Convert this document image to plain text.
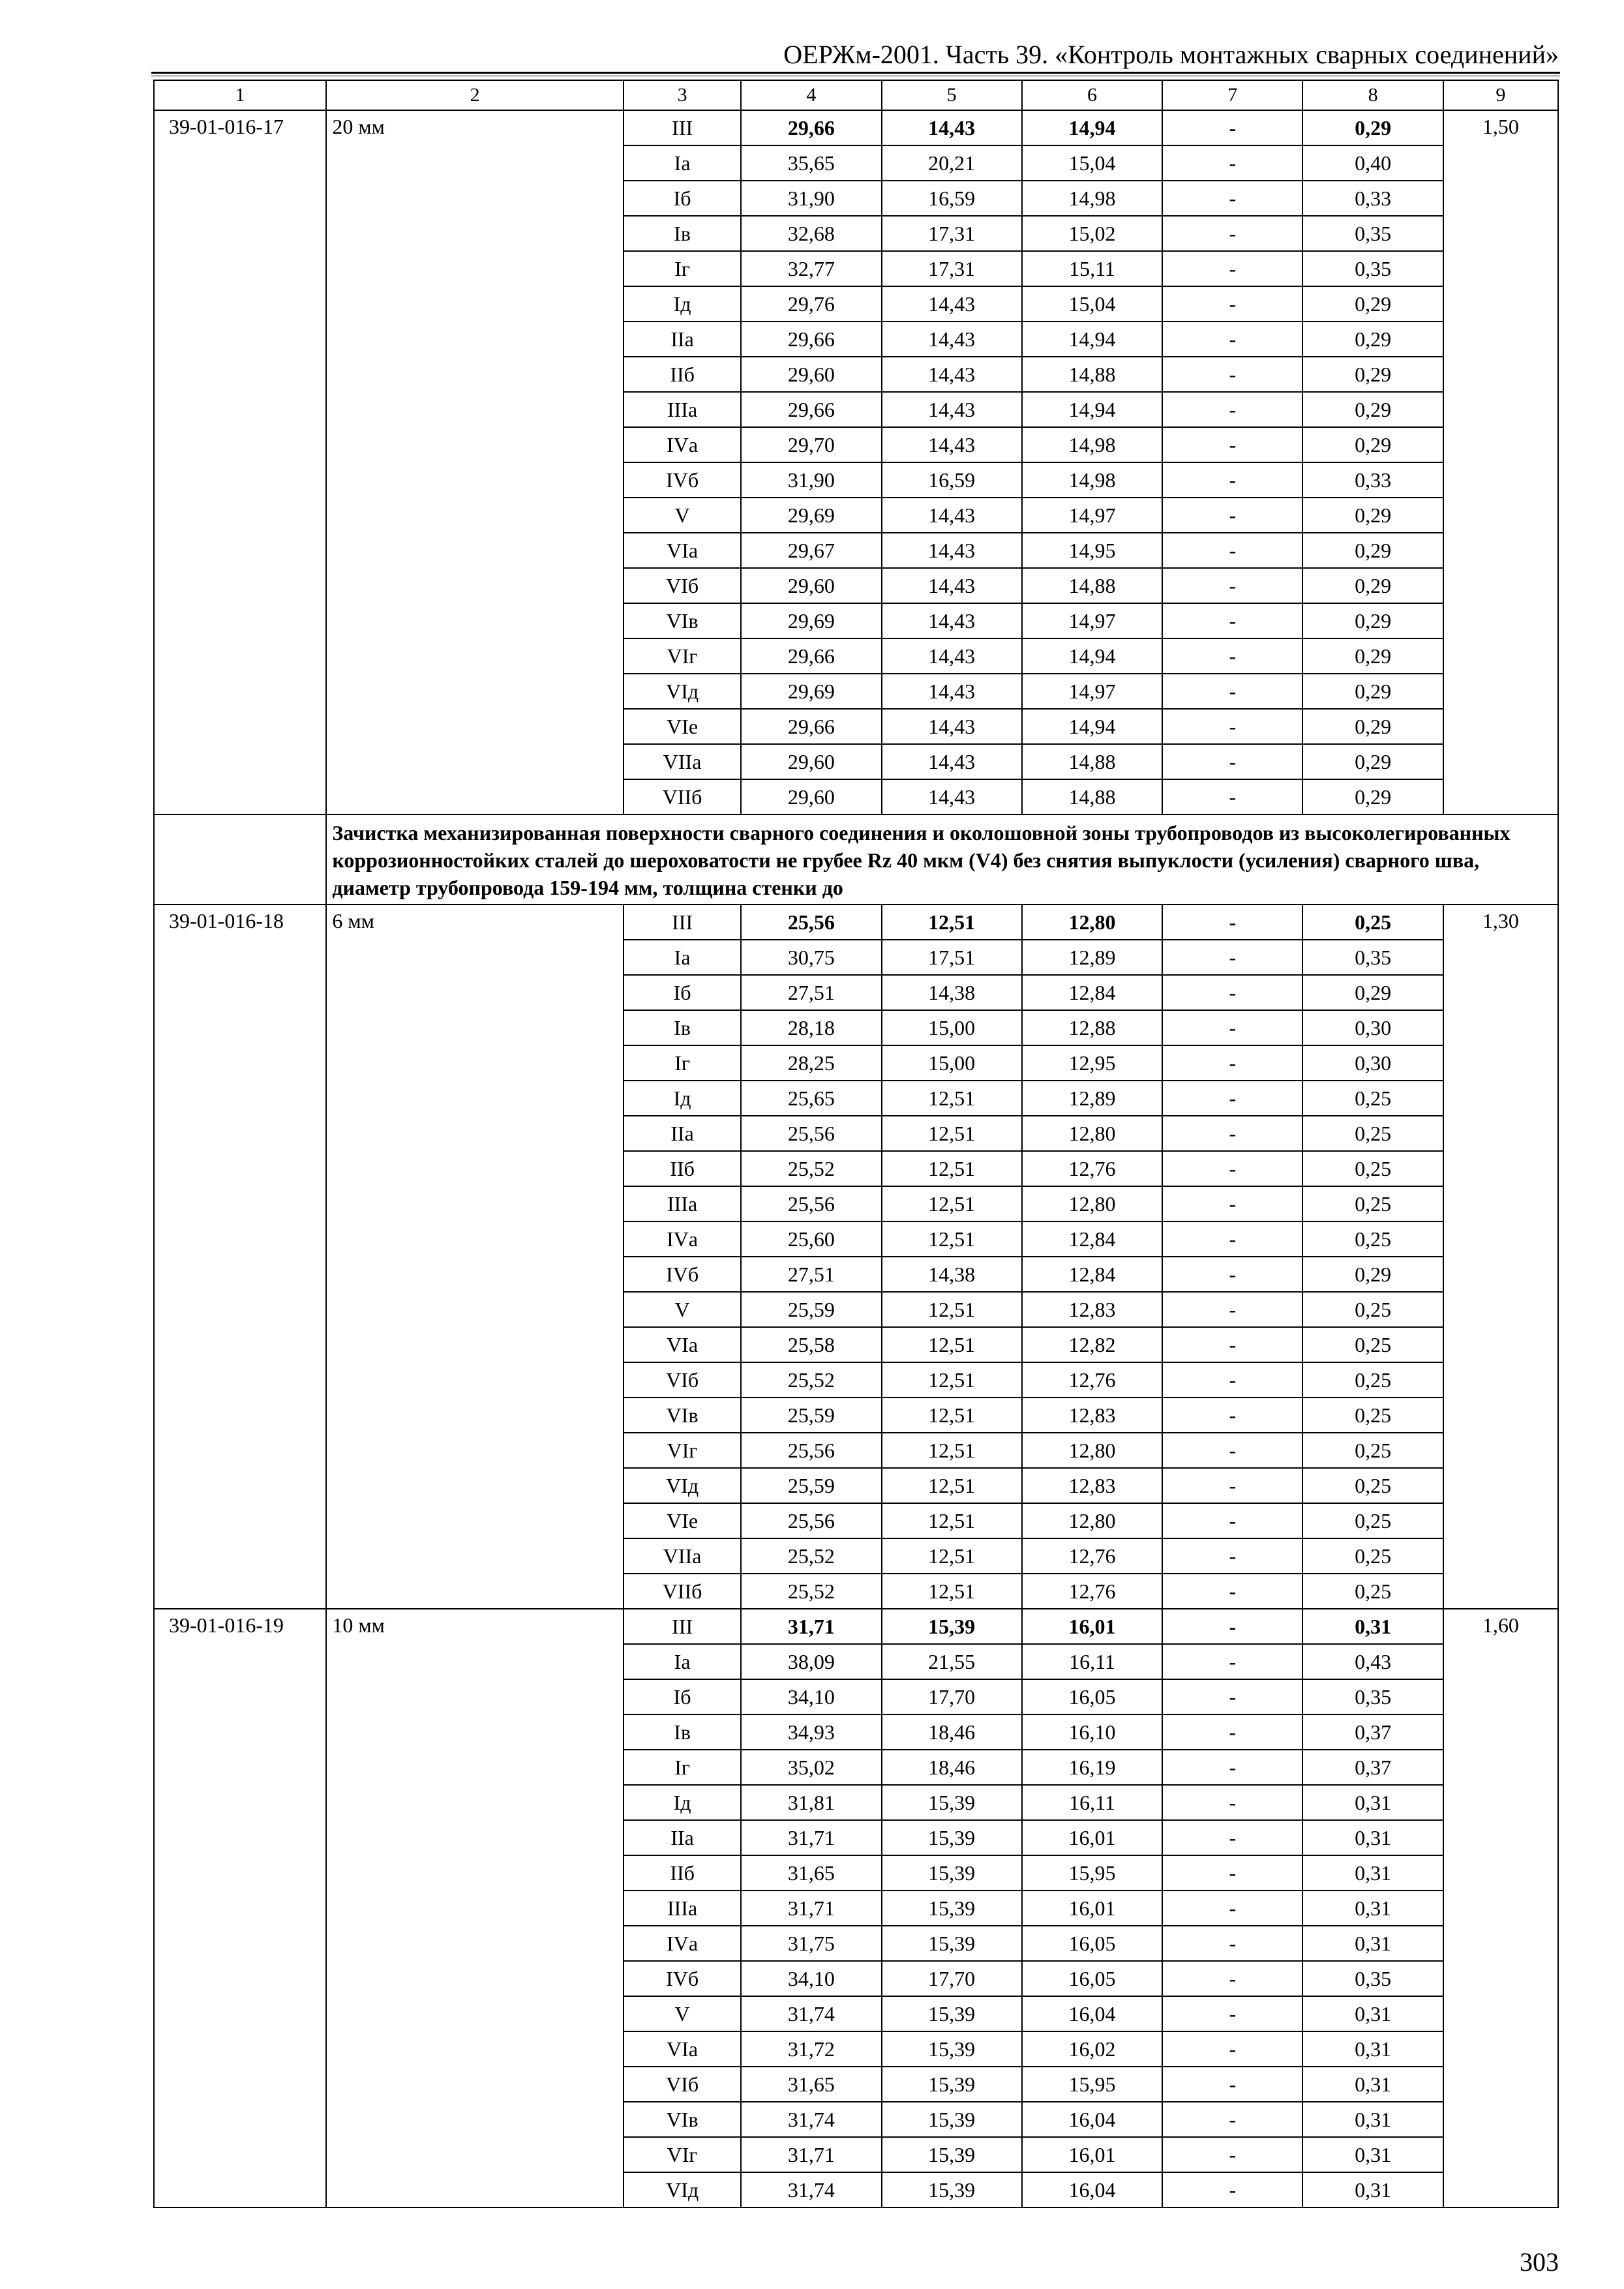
ОЕРЖм-2001. Часть 39. «Контроль монтажных сварных соединений»
1	2	3	4	5	6	7	8	9
39-01-016-17	20 мм	III	29,66	14,43	14,94	-	0,29	1,50
		Iа	35,65	20,21	15,04	-	0,40	
		Iб	31,90	16,59	14,98	-	0,33	
		Iв	32,68	17,31	15,02	-	0,35	
		Iг	32,77	17,31	15,11	-	0,35	
		Iд	29,76	14,43	15,04	-	0,29	
		IIа	29,66	14,43	14,94	-	0,29	
		IIб	29,60	14,43	14,88	-	0,29	
		IIIа	29,66	14,43	14,94	-	0,29	
		IVа	29,70	14,43	14,98	-	0,29	
		IVб	31,90	16,59	14,98	-	0,33	
		V	29,69	14,43	14,97	-	0,29	
		VIа	29,67	14,43	14,95	-	0,29	
		VIб	29,60	14,43	14,88	-	0,29	
		VIв	29,69	14,43	14,97	-	0,29	
		VIг	29,66	14,43	14,94	-	0,29	
		VIд	29,69	14,43	14,97	-	0,29	
		VIе	29,66	14,43	14,94	-	0,29	
		VIIа	29,60	14,43	14,88	-	0,29	
		VIIб	29,60	14,43	14,88	-	0,29	
	Зачистка механизированная поверхности сварного соединения и околошовной зоны трубопроводов из высоколегированных коррозионностойких сталей до шероховатости не грубее Rz 40 мкм (V4) без снятия выпуклости (усиления) сварного шва, диаметр трубопровода 159-194 мм, толщина стенки до							
39-01-016-18	6 мм	III	25,56	12,51	12,80	-	0,25	1,30
		Iа	30,75	17,51	12,89	-	0,35	
		Iб	27,51	14,38	12,84	-	0,29	
		Iв	28,18	15,00	12,88	-	0,30	
		Iг	28,25	15,00	12,95	-	0,30	
		Iд	25,65	12,51	12,89	-	0,25	
		IIа	25,56	12,51	12,80	-	0,25	
		IIб	25,52	12,51	12,76	-	0,25	
		IIIа	25,56	12,51	12,80	-	0,25	
		IVа	25,60	12,51	12,84	-	0,25	
		IVб	27,51	14,38	12,84	-	0,29	
		V	25,59	12,51	12,83	-	0,25	
		VIа	25,58	12,51	12,82	-	0,25	
		VIб	25,52	12,51	12,76	-	0,25	
		VIв	25,59	12,51	12,83	-	0,25	
		VIг	25,56	12,51	12,80	-	0,25	
		VIд	25,59	12,51	12,83	-	0,25	
		VIе	25,56	12,51	12,80	-	0,25	
		VIIа	25,52	12,51	12,76	-	0,25	
		VIIб	25,52	12,51	12,76	-	0,25	
39-01-016-19	10 мм	III	31,71	15,39	16,01	-	0,31	1,60
		Iа	38,09	21,55	16,11	-	0,43	
		Iб	34,10	17,70	16,05	-	0,35	
		Iв	34,93	18,46	16,10	-	0,37	
		Iг	35,02	18,46	16,19	-	0,37	
		Iд	31,81	15,39	16,11	-	0,31	
		IIа	31,71	15,39	16,01	-	0,31	
		IIб	31,65	15,39	15,95	-	0,31	
		IIIа	31,71	15,39	16,01	-	0,31	
		IVа	31,75	15,39	16,05	-	0,31	
		IVб	34,10	17,70	16,05	-	0,35	
		V	31,74	15,39	16,04	-	0,31	
		VIа	31,72	15,39	16,02	-	0,31	
		VIб	31,65	15,39	15,95	-	0,31	
		VIв	31,74	15,39	16,04	-	0,31	
		VIг	31,71	15,39	16,01	-	0,31	
		VIд	31,74	15,39	16,04	-	0,31	
303
